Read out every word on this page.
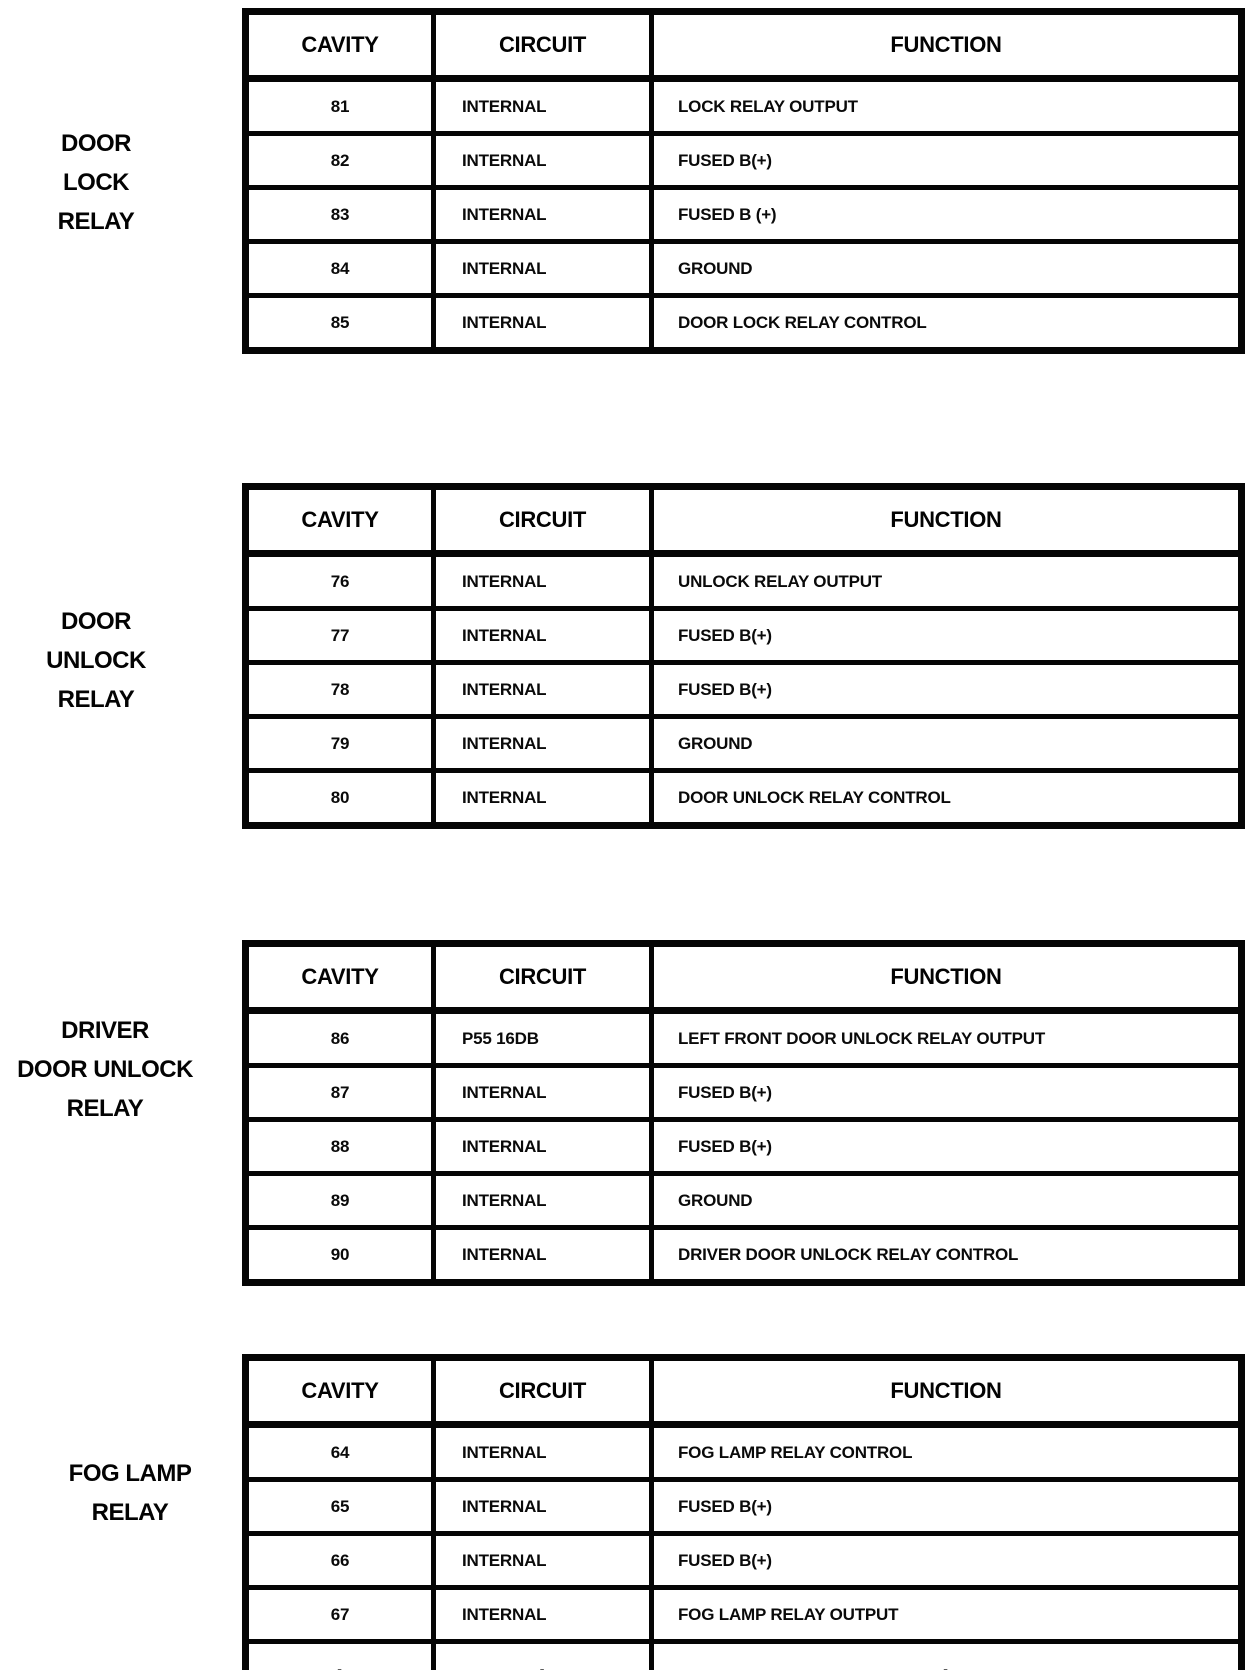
DOOR
LOCK
RELAY
CAVITY	CIRCUIT	FUNCTION
81	INTERNAL	LOCK RELAY OUTPUT
82	INTERNAL	FUSED B(+)
83	INTERNAL	FUSED B (+)
84	INTERNAL	GROUND
85	INTERNAL	DOOR LOCK RELAY CONTROL
DOOR
UNLOCK
RELAY
CAVITY	CIRCUIT	FUNCTION
76	INTERNAL	UNLOCK RELAY OUTPUT
77	INTERNAL	FUSED B(+)
78	INTERNAL	FUSED B(+)
79	INTERNAL	GROUND
80	INTERNAL	DOOR UNLOCK RELAY CONTROL
DRIVER
DOOR UNLOCK
RELAY
CAVITY	CIRCUIT	FUNCTION
86	P55 16DB	LEFT FRONT DOOR UNLOCK RELAY OUTPUT
87	INTERNAL	FUSED B(+)
88	INTERNAL	FUSED B(+)
89	INTERNAL	GROUND
90	INTERNAL	DRIVER DOOR UNLOCK RELAY CONTROL
FOG LAMP
RELAY
CAVITY	CIRCUIT	FUNCTION
64	INTERNAL	FOG LAMP RELAY CONTROL
65	INTERNAL	FUSED B(+)
66	INTERNAL	FUSED B(+)
67	INTERNAL	FOG LAMP RELAY OUTPUT
-	-	-
